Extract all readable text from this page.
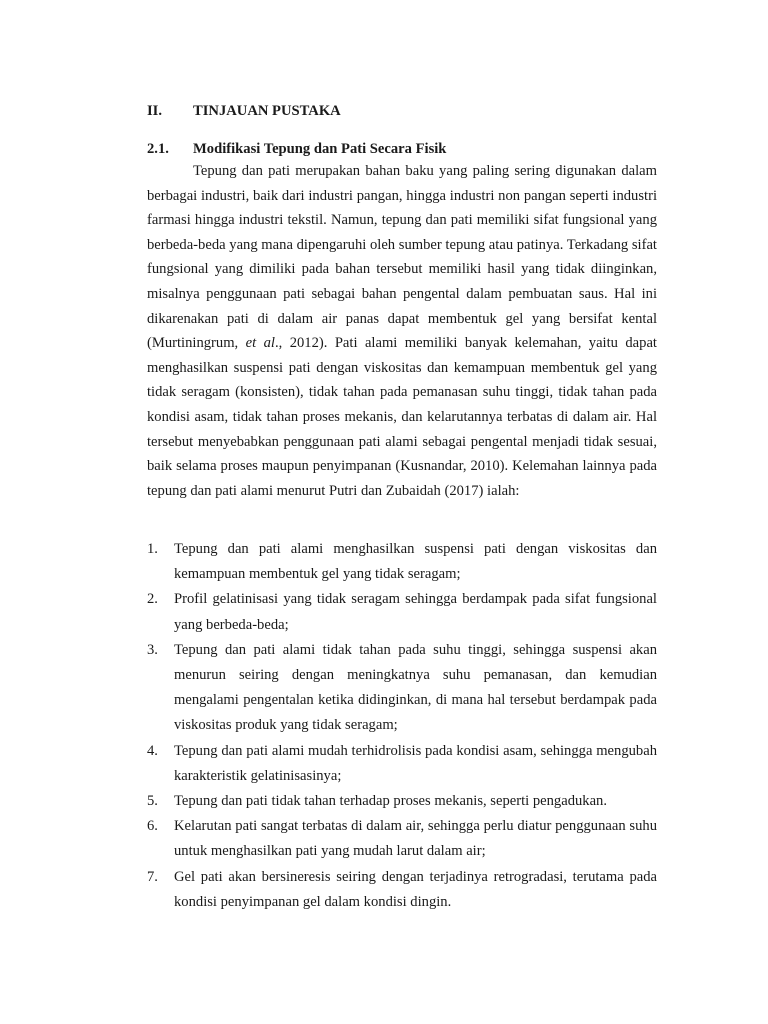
II. TINJAUAN PUSTAKA
2.1. Modifikasi Tepung dan Pati Secara Fisik

Tepung dan pati merupakan bahan baku yang paling sering digunakan dalam berbagai industri, baik dari industri pangan, hingga industri non pangan seperti industri farmasi hingga industri tekstil. Namun, tepung dan pati memiliki sifat fungsional yang berbeda-beda yang mana dipengaruhi oleh sumber tepung atau patinya. Terkadang sifat fungsional yang dimiliki pada bahan tersebut memiliki hasil yang tidak diinginkan, misalnya penggunaan pati sebagai bahan pengental dalam pembuatan saus. Hal ini dikarenakan pati di dalam air panas dapat membentuk gel yang bersifat kental (Murtiningrum, et al., 2012). Pati alami memiliki banyak kelemahan, yaitu dapat menghasilkan suspensi pati dengan viskositas dan kemampuan membentuk gel yang tidak seragam (konsisten), tidak tahan pada pemanasan suhu tinggi, tidak tahan pada kondisi asam, tidak tahan proses mekanis, dan kelarutannya terbatas di dalam air. Hal tersebut menyebabkan penggunaan pati alami sebagai pengental menjadi tidak sesuai, baik selama proses maupun penyimpanan (Kusnandar, 2010). Kelemahan lainnya pada tepung dan pati alami menurut Putri dan Zubaidah (2017) ialah:

1. Tepung dan pati alami menghasilkan suspensi pati dengan viskositas dan kemampuan membentuk gel yang tidak seragam;
2. Profil gelatinisasi yang tidak seragam sehingga berdampak pada sifat fungsional yang berbeda-beda;
3. Tepung dan pati alami tidak tahan pada suhu tinggi, sehingga suspensi akan menurun seiring dengan meningkatnya suhu pemanasan, dan kemudian mengalami pengentalan ketika didinginkan, di mana hal tersebut berdampak pada viskositas produk yang tidak seragam;
4. Tepung dan pati alami mudah terhidrolisis pada kondisi asam, sehingga mengubah karakteristik gelatinisasinya;
5. Tepung dan pati tidak tahan terhadap proses mekanis, seperti pengadukan.
6. Kelarutan pati sangat terbatas di dalam air, sehingga perlu diatur penggunaan suhu untuk menghasilkan pati yang mudah larut dalam air;
7. Gel pati akan bersineresis seiring dengan terjadinya retrogradasi, terutama pada kondisi penyimpanan gel dalam kondisi dingin.
